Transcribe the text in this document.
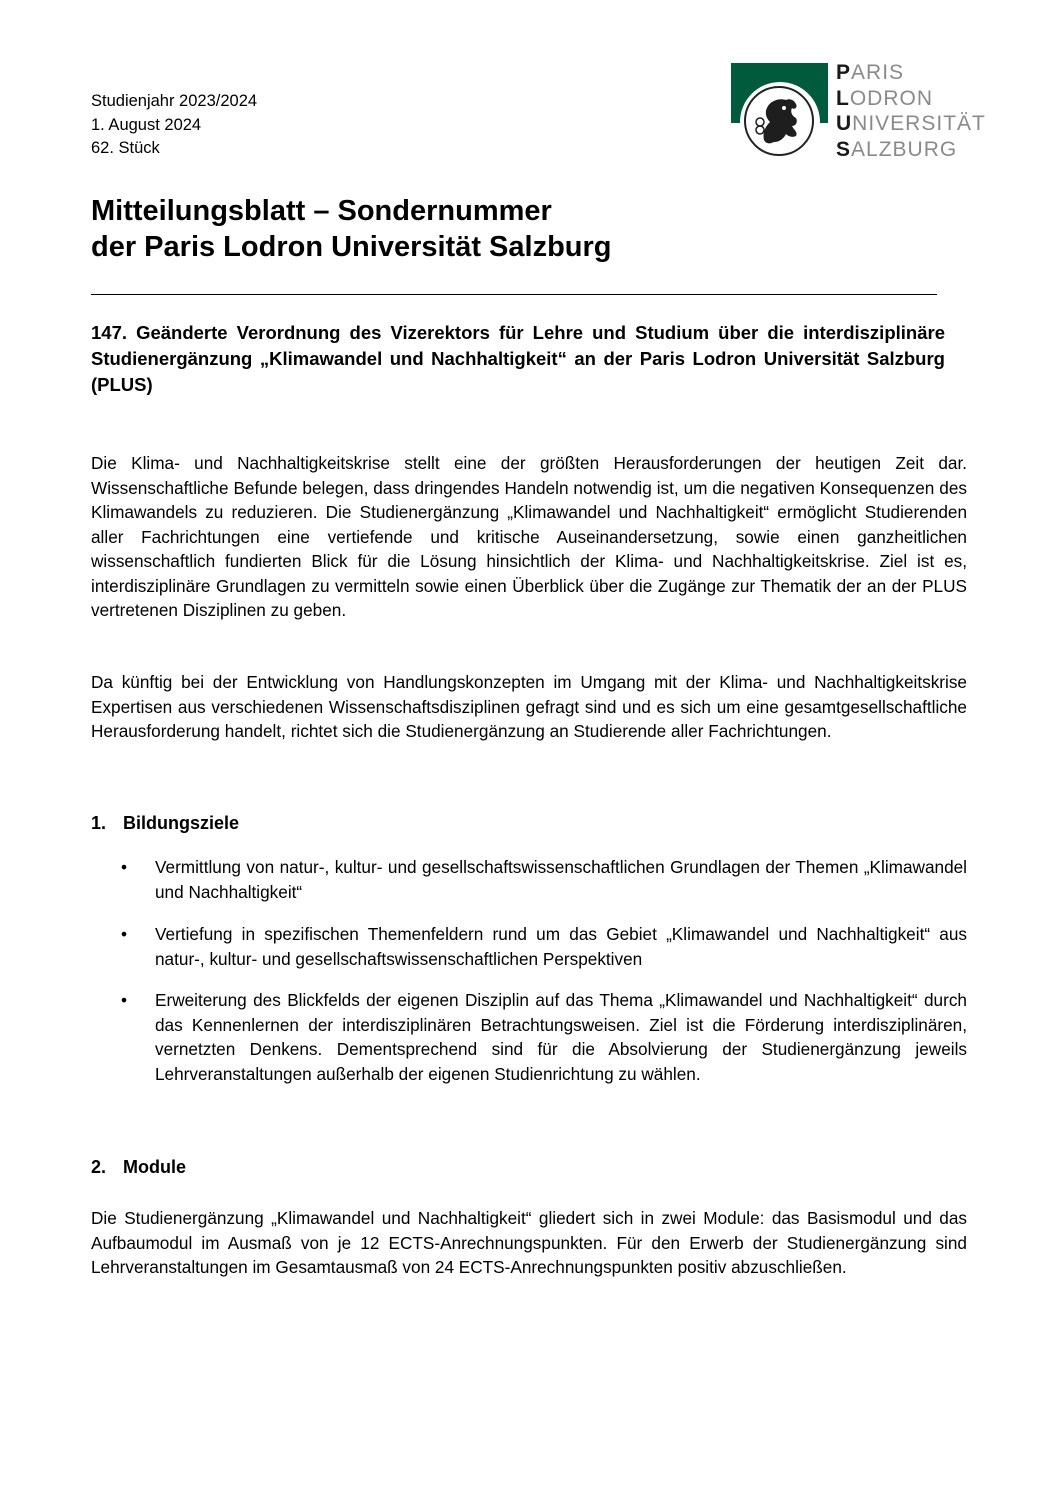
Studienjahr 2023/2024
1. August 2024
62. Stück
PARIS
LODRON
UNIVERSITÄT
SALZBURG
Mitteilungsblatt – Sondernummer
der Paris Lodron Universität Salzburg
147. Geänderte Verordnung des Vizerektors für Lehre und Studium über die interdisziplinäre Studienergänzung „Klimawandel und Nachhaltigkeit“ an der Paris Lodron Universität Salzburg (PLUS)
Die Klima- und Nachhaltigkeitskrise stellt eine der größten Herausforderungen der heutigen Zeit dar. Wissenschaftliche Befunde belegen, dass dringendes Handeln notwendig ist, um die negativen Konsequenzen des Klimawandels zu reduzieren. Die Studienergänzung „Klimawandel und Nachhaltigkeit“ ermöglicht Studierenden aller Fachrichtungen eine vertiefende und kritische Auseinandersetzung, sowie einen ganzheitlichen wissenschaftlich fundierten Blick für die Lösung hinsichtlich der Klima- und Nachhaltigkeitskrise. Ziel ist es, interdisziplinäre Grundlagen zu vermitteln sowie einen Überblick über die Zugänge zur Thematik der an der PLUS vertretenen Disziplinen zu geben.
Da künftig bei der Entwicklung von Handlungskonzepten im Umgang mit der Klima- und Nachhaltigkeitskrise Expertisen aus verschiedenen Wissenschaftsdisziplinen gefragt sind und es sich um eine gesamtgesellschaftliche Herausforderung handelt, richtet sich die Studienergänzung an Studierende aller Fachrichtungen.
1. Bildungsziele
• Vermittlung von natur-, kultur- und gesellschaftswissenschaftlichen Grundlagen der Themen „Klimawandel und Nachhaltigkeit“
• Vertiefung in spezifischen Themenfeldern rund um das Gebiet „Klimawandel und Nachhaltigkeit“ aus natur-, kultur- und gesellschaftswissenschaftlichen Perspektiven
• Erweiterung des Blickfelds der eigenen Disziplin auf das Thema „Klimawandel und Nachhaltigkeit“ durch das Kennenlernen der interdisziplinären Betrachtungsweisen. Ziel ist die Förderung interdisziplinären, vernetzten Denkens. Dementsprechend sind für die Absolvierung der Studienergänzung jeweils Lehrveranstaltungen außerhalb der eigenen Studienrichtung zu wählen.
2. Module
Die Studienergänzung „Klimawandel und Nachhaltigkeit“ gliedert sich in zwei Module: das Basismodul und das Aufbaumodul im Ausmaß von je 12 ECTS-Anrechnungspunkten. Für den Erwerb der Studienergänzung sind Lehrveranstaltungen im Gesamtausmaß von 24 ECTS-Anrechnungspunkten positiv abzuschließen.
